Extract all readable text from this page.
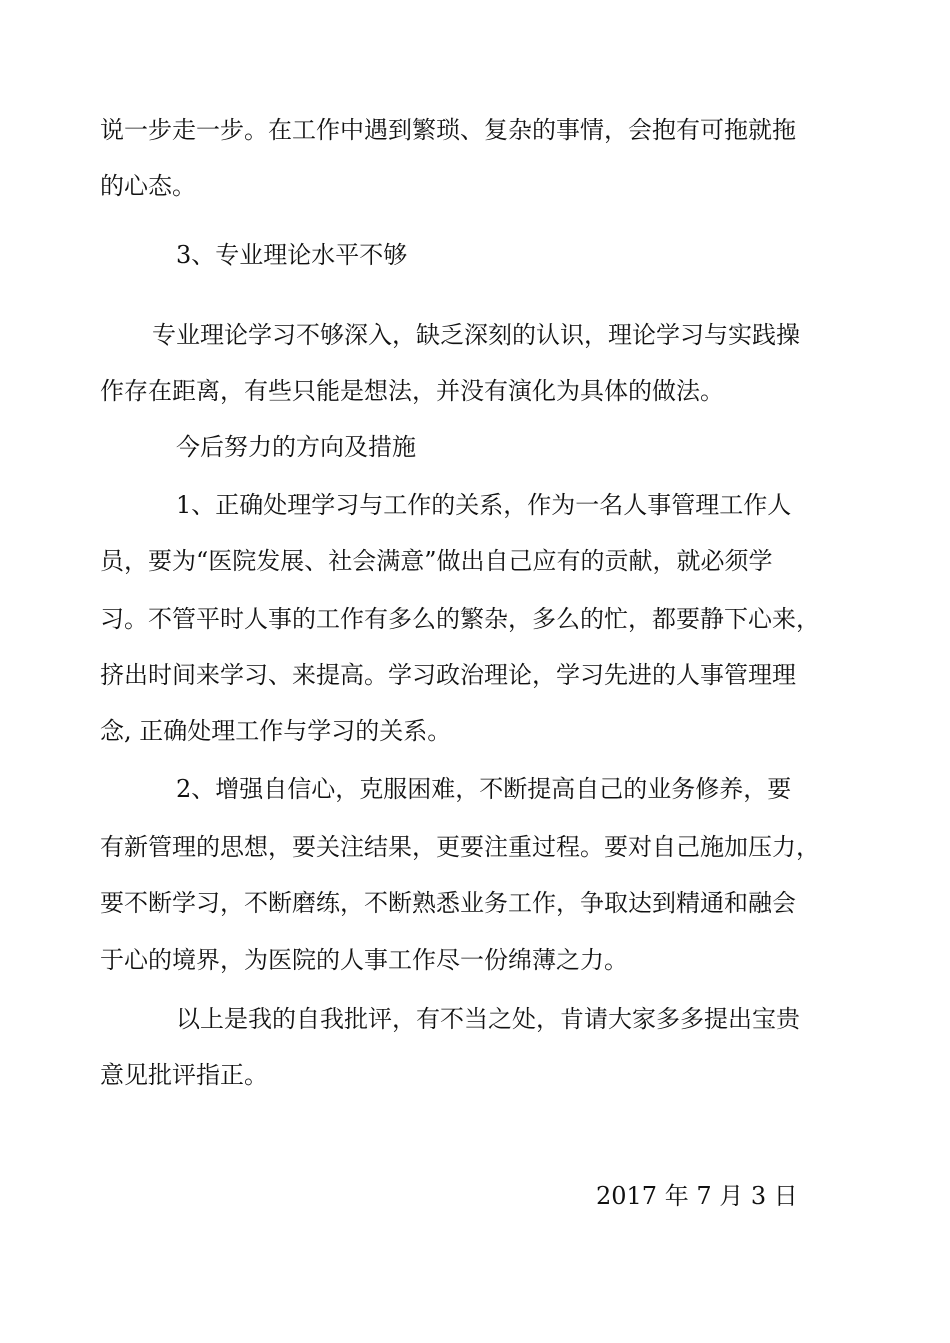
说一步走一步。在工作中遇到繁琐、复杂的事情，会抱有可拖就拖
的心态。
3、专业理论水平不够
专业理论学习不够深入，缺乏深刻的认识，理论学习与实践操
作存在距离，有些只能是想法，并没有演化为具体的做法。
今后努力的方向及措施
1、正确处理学习与工作的关系，作为一名人事管理工作人
员，要为“医院发展、社会满意”做出自己应有的贡献，就必须学
习。不管平时人事的工作有多么的繁杂，多么的忙，都要静下心来，
挤出时间来学习、来提高。学习政治理论，学习先进的人事管理理
念, 正确处理工作与学习的关系。
2、增强自信心，克服困难，不断提高自己的业务修养，要
有新管理的思想，要关注结果，更要注重过程。要对自己施加压力，
要不断学习，不断磨练，不断熟悉业务工作，争取达到精通和融会
于心的境界，为医院的人事工作尽一份绵薄之力。
以上是我的自我批评，有不当之处，肯请大家多多提出宝贵
意见批评指正。
2017 年 7 月 3 日
